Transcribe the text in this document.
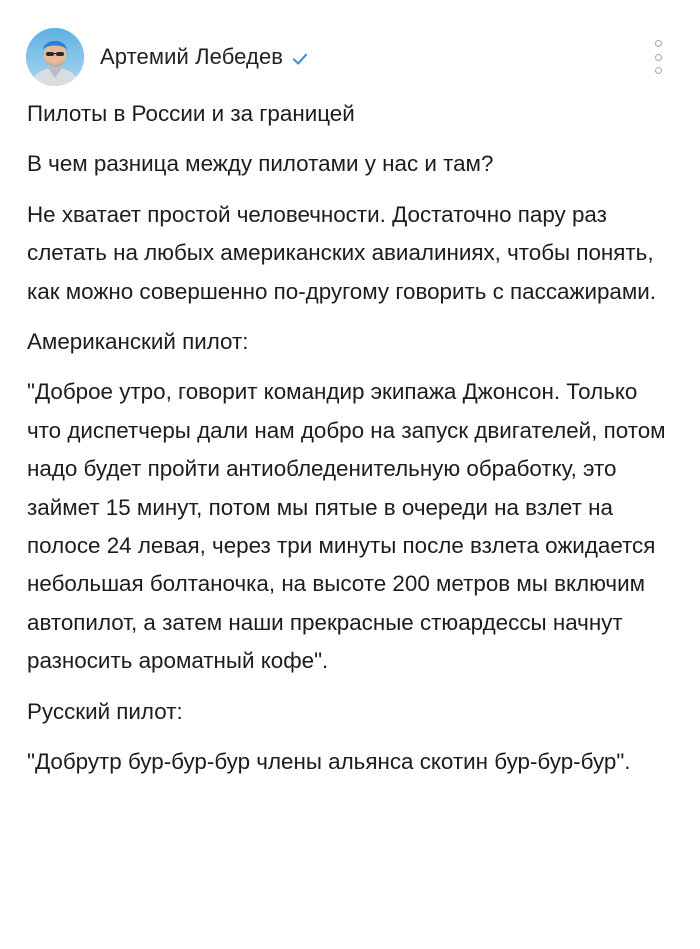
Артемий Лебедев

Пилоты в России и за границей

В чем разница между пилотами у нас и там?

Не хватает простой человечности. Достаточно пару раз слетать на любых американских авиалиниях, чтобы понять, как можно совершенно по-другому говорить с пассажирами.

Американский пилот:

"Доброе утро, говорит командир экипажа Джонсон. Только что диспетчеры дали нам добро на запуск двигателей, потом надо будет пройти антиобледенительную обработку, это займет 15 минут, потом мы пятые в очереди на взлет на полосе 24 левая, через три минуты после взлета ожидается небольшая болтаночка, на высоте 200 метров мы включим автопилот, а затем наши прекрасные стюардессы начнут разносить ароматный кофе".

Русский пилот:

"Добрутр бур-бур-бур члены альянса скотин бур-бур-бур".
